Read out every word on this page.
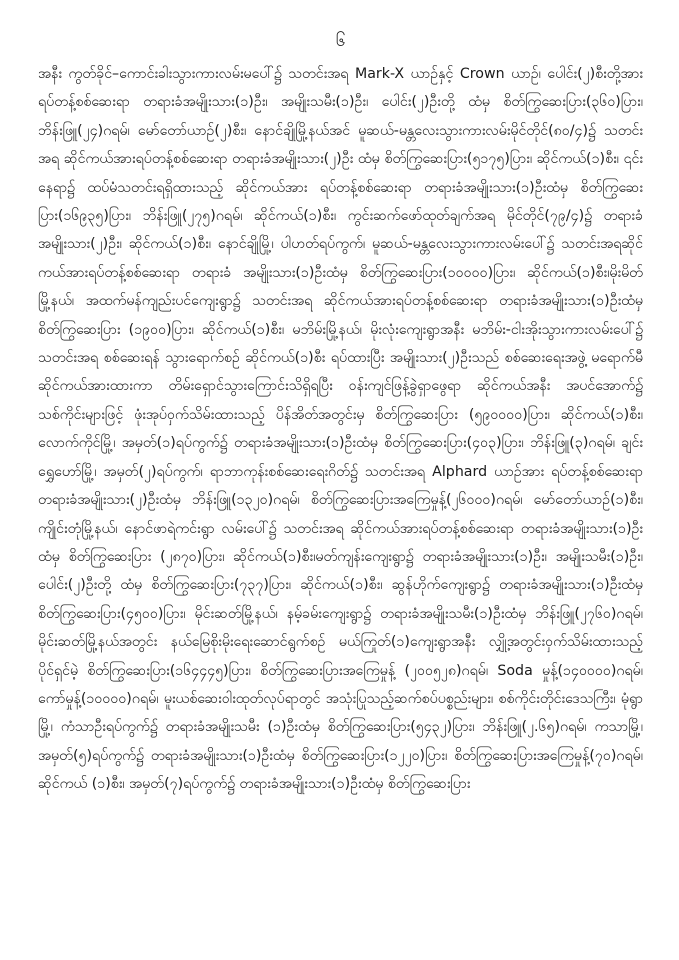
၆

အနီး ကွတ်ခိုင်–ကောင်းခါးသွားကားလမ်းမပေါ်၌ သတင်းအရ Mark-X ယာဉ်နှင့် Crown ယာဉ်၊ ပေါင်း(၂)စီးတို့အား ရပ်တန့်စစ်ဆေးရာ တရားခံအမျိုးသား(၁)ဦး၊ အမျိုးသမီး(၁)ဦး၊ ပေါင်း(၂)ဦးတို့ ထံမှ စိတ်ကြွဆေးပြား(၃၆၀)ပြား၊ ဘိန်းဖြူ(၂၄)ဂရမ်၊ မော်တော်ယာဉ်(၂)စီး၊ နောင်ချိုမြို့နယ်အင် မူဆယ်-မန္တလေးသွားကားလမ်းမိုင်တိုင်(၈၀/၄)၌ သတင်းအရ ဆိုင်ကယ်အားရပ်တန့်စစ်ဆေးရာ တရားခံအမျိုးသား(၂)ဦး ထံမှ စိတ်ကြွဆေးပြား(၅၁၇၅)ပြား၊ ဆိုင်ကယ်(၁)စီး၊ ၎င်းနေရာ၌ ထပ်မံသတင်းရရှိထားသည့် ဆိုင်ကယ်အား ရပ်တန့်စစ်ဆေးရာ တရားခံအမျိုးသား(၁)ဦးထံမှ စိတ်ကြွဆေးပြား(၁၆၉၃၅)ပြား၊ ဘိန်းဖြူ(၂၇၅)ဂရမ်၊ ဆိုင်ကယ်(၁)စီး၊ ကွင်းဆက်ဖော်ထုတ်ချက်အရ မိုင်တိုင်(၇၉/၄)၌ တရားခံအမျိုးသား(၂)ဦး၊ ဆိုင်ကယ်(၁)စီး၊ နောင်ချိုမြို့၊ ပါဟတ်ရပ်ကွက်၊ မူဆယ်-မန္တလေးသွားကားလမ်းပေါ်၌ သတင်းအရဆိုင်ကယ်အားရပ်တန့်စစ်ဆေးရာ တရားခံ အမျိုးသား(၁)ဦးထံမှ စိတ်ကြွဆေးပြား(၁၀၀၀၀)ပြား၊ ဆိုင်ကယ်(၁)စီး၊မိုးမိတ်မြို့နယ်၊ အထက်မန်ကျည်းပင်ကျေးရွာ၌ သတင်းအရ ဆိုင်ကယ်အားရပ်တန့်စစ်ဆေးရာ တရားခံအမျိုးသား(၁)ဦးထံမှ စိတ်ကြွဆေးပြား (၁၉၀၀)ပြား၊ ဆိုင်ကယ်(၁)စီး၊ မဘိမ်းမြို့နယ်၊ မိုးလုံးကျေးရွာအနီး မဘိမ်း-ငါးအိုးသွားကားလမ်းပေါ်၌ သတင်းအရ စစ်ဆေးရန် သွားရောက်စဉ် ဆိုင်ကယ်(၁)စီး ရပ်ထားပြီး အမျိုးသား(၂)ဦးသည် စစ်ဆေးရေးအဖွဲ့ မရောက်မီ ဆိုင်ကယ်အားထားကာ တိမ်းရှောင်သွားကြောင်းသိရှိရပြီး ဝန်းကျင်ဖြန့်ခွဲရှာဖွေရာ ဆိုင်ကယ်အနီး အပင်အောက်၌ သစ်ကိုင်းများဖြင့် ဖုံးအုပ်ဝှက်သိမ်းထားသည့် ပိန်အိတ်အတွင်းမှ စိတ်ကြွဆေးပြား (၅၉၀၀၀၀)ပြား၊ ဆိုင်ကယ်(၁)စီး၊ လောက်ကိုင်မြို့၊ အမှတ်(၁)ရပ်ကွက်၌ တရားခံအမျိုးသား(၁)ဦးထံမှ စိတ်ကြွဆေးပြား(၄၀၃)ပြား၊ ဘိန်းဖြူ(၃)ဂရမ်၊ ချင်းရွှေဟော်မြို့၊ အမှတ်(၂)ရပ်ကွက်၊ ရာဘာကုန်းစစ်ဆေးရေးဂိတ်၌ သတင်းအရ Alphard ယာဉ်အား ရပ်တန့်စစ်ဆေးရာ တရားခံအမျိုးသား(၂)ဦးထံမှ ဘိန်းဖြူ(၁၃၂၀)ဂရမ်၊ စိတ်ကြွဆေးပြားအကြေမှုန့်(၂၆၀၀၀)ဂရမ်၊ မော်တော်ယာဉ်(၁)စီး၊ ကျိုင်းတုံမြို့နယ်၊ နောင်ဖာရဲကင်းရွာ လမ်းပေါ်၌ သတင်းအရ ဆိုင်ကယ်အားရပ်တန့်စစ်ဆေးရာ တရားခံအမျိုးသား(၁)ဦးထံမှ စိတ်ကြွဆေးပြား (၂၈၇၀)ပြား၊ ဆိုင်ကယ်(၁)စီး၊မတ်ကျန်းကျေးရွာ၌ တရားခံအမျိုးသား(၁)ဦး၊ အမျိုးသမီး(၁)ဦး၊ ပေါင်း(၂)ဦးတို့ ထံမှ စိတ်ကြွဆေးပြား(၇၃၇)ပြား၊ ဆိုင်ကယ်(၁)စီး၊ ဆွန်ဟိုက်ကျေးရွာ၌ တရားခံအမျိုးသား(၁)ဦးထံမှ စိတ်ကြွဆေးပြား(၄၅၀၀)ပြား၊ မိုင်းဆတ်မြို့နယ်၊ နမ့်ခမ်းကျေးရွာ၌ တရားခံအမျိုးသမီး(၁)ဦးထံမှ ဘိန်းဖြူ(၂၇၆၀)ဂရမ်၊ မိုင်းဆတ်မြို့နယ်အတွင်း နယ်မြေစိုးမိုးရေးဆောင်ရွက်စဉ် မယ်ကြုတ်(၁)ကျေးရွာအနီး လျှို့အတွင်းဝှက်သိမ်းထားသည့် ပိုင်ရှင်မဲ့ စိတ်ကြွဆေးပြား(၁၆၄၄၄၅)ပြား၊ စိတ်ကြွဆေးပြားအကြေမှုန့် (၂၀၀၅၂၈)ဂရမ်၊ Soda မှုန့်(၁၄၀၀၀၀)ဂရမ်၊ ကော်မှုန့်(၁၀၀၀၀)ဂရမ်၊ မူးယစ်ဆေးဝါးထုတ်လုပ်ရာတွင် အသုံးပြုသည့်ဆက်စပ်ပစ္စည်းများ၊ စစ်ကိုင်းတိုင်းဒေသကြီး၊ မုံရွာမြို့၊ ကံသာဦးရပ်ကွက်၌ တရားခံအမျိုးသမီး (၁)ဦးထံမှ စိတ်ကြွဆေးပြား(၅၄၃၂)ပြား၊ ဘိန်းဖြူ(၂.၆၅)ဂရမ်၊ ကသာမြို့၊ အမှတ်(၅)ရပ်ကွက်၌ တရားခံအမျိုးသား(၁)ဦးထံမှ စိတ်ကြွဆေးပြား(၁၂၂၀)ပြား၊ စိတ်ကြွဆေးပြားအကြေမှုန့်(၇၀)ဂရမ်၊ ဆိုင်ကယ် (၁)စီး၊ အမှတ်(၇)ရပ်ကွက်၌ တရားခံအမျိုးသား(၁)ဦးထံမှ စိတ်ကြွဆေးပြား
